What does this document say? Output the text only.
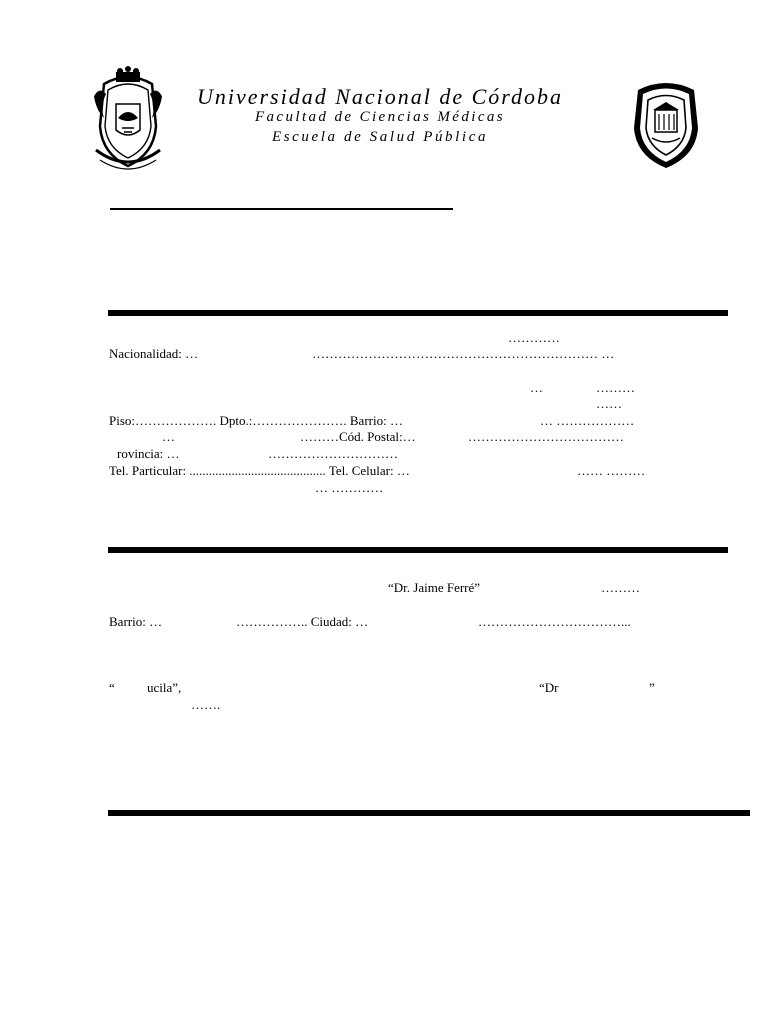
Universidad Nacional de Córdoba
Facultad de Ciencias Médicas
Escuela de Salud Pública
…………
Nacionalidad: …	………………………………………………………… …
…	………
……
Piso:………………. Dpto.:…………………. Barrio: …	… ………………
…	………Cód. Postal:…	………………………………
rovincia: …	…………………………
Tel. Particular: .......................................... Tel. Celular: …	…… ………
… …………
“Dr. Jaime Ferré”	………
Barrio: …	…………….. Ciudad: …	……………………………...
“ ucila”,	“Dr	”
…….
